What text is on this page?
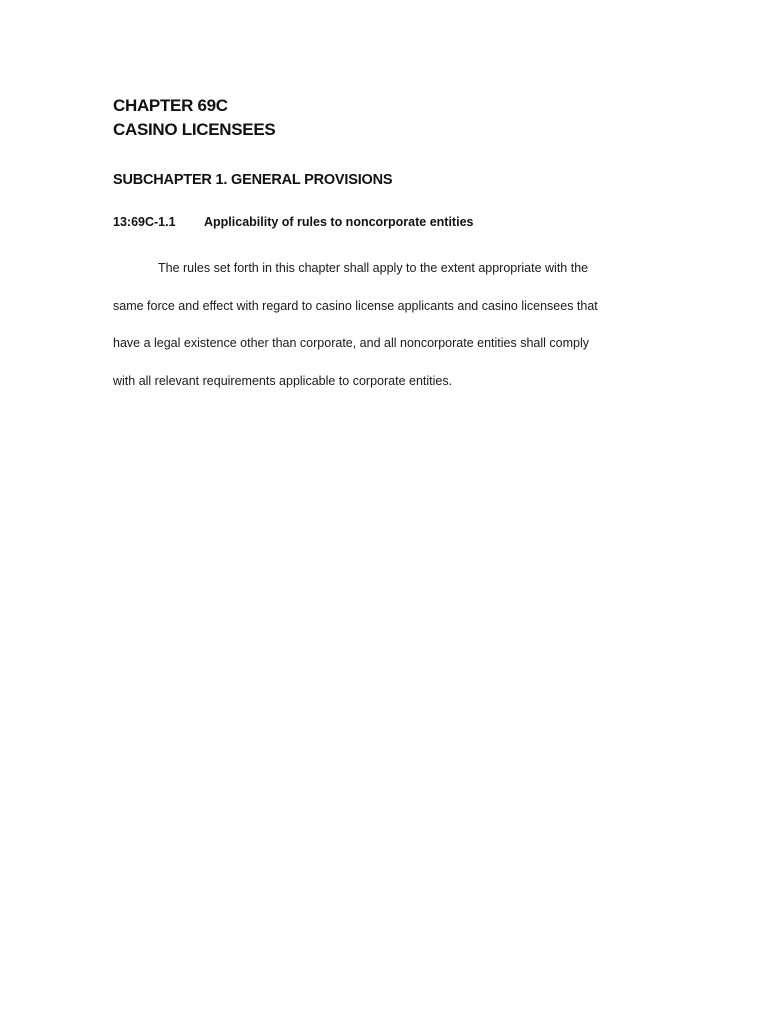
CHAPTER 69C
CASINO LICENSEES
SUBCHAPTER 1. GENERAL PROVISIONS
13:69C-1.1	Applicability of rules to noncorporate entities

The rules set forth in this chapter shall apply to the extent appropriate with the
same force and effect with regard to casino license applicants and casino licensees that
have a legal existence other than corporate, and all noncorporate entities shall comply
with all relevant requirements applicable to corporate entities.
